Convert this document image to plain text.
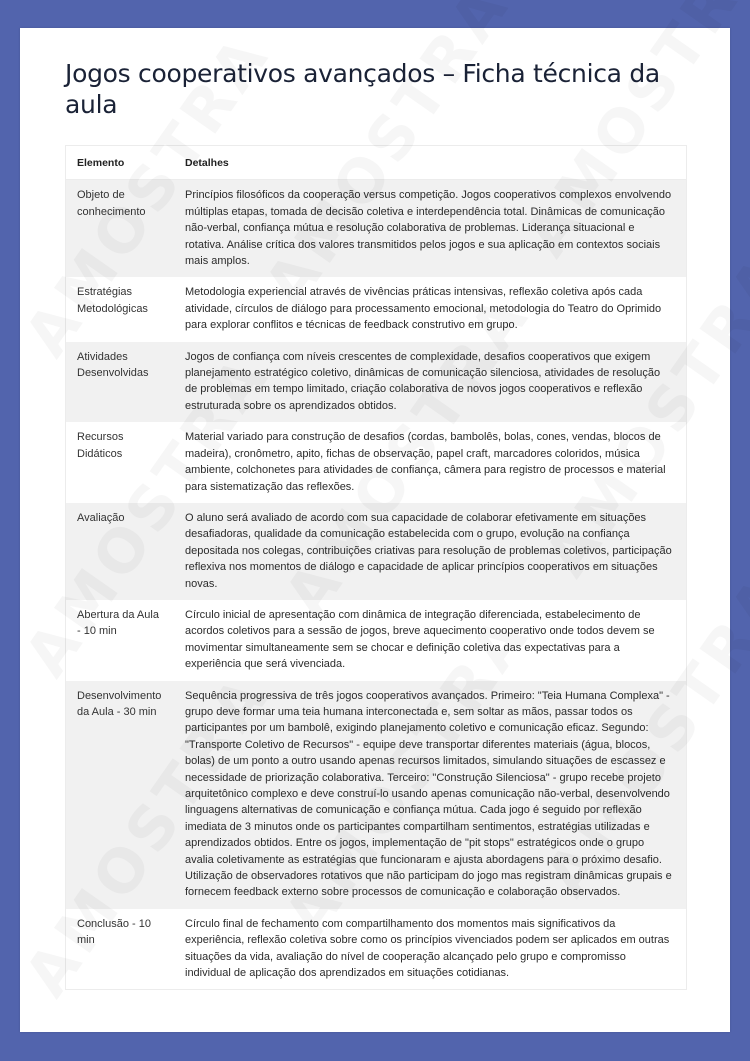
Jogos cooperativos avançados – Ficha técnica da aula
Elemento	Detalhes
Objeto de conhecimento	Princípios filosóficos da cooperação versus competição. Jogos cooperativos complexos envolvendo múltiplas etapas, tomada de decisão coletiva e interdependência total. Dinâmicas de comunicação não-verbal, confiança mútua e resolução colaborativa de problemas. Liderança situacional e rotativa. Análise crítica dos valores transmitidos pelos jogos e sua aplicação em contextos sociais mais amplos.
Estratégias Metodológicas	Metodologia experiencial através de vivências práticas intensivas, reflexão coletiva após cada atividade, círculos de diálogo para processamento emocional, metodologia do Teatro do Oprimido para explorar conflitos e técnicas de feedback construtivo em grupo.
Atividades Desenvolvidas	Jogos de confiança com níveis crescentes de complexidade, desafios cooperativos que exigem planejamento estratégico coletivo, dinâmicas de comunicação silenciosa, atividades de resolução de problemas em tempo limitado, criação colaborativa de novos jogos cooperativos e reflexão estruturada sobre os aprendizados obtidos.
Recursos Didáticos	Material variado para construção de desafios (cordas, bambolês, bolas, cones, vendas, blocos de madeira), cronômetro, apito, fichas de observação, papel craft, marcadores coloridos, música ambiente, colchonetes para atividades de confiança, câmera para registro de processos e material para sistematização das reflexões.
Avaliação	O aluno será avaliado de acordo com sua capacidade de colaborar efetivamente em situações desafiadoras, qualidade da comunicação estabelecida com o grupo, evolução na confiança depositada nos colegas, contribuições criativas para resolução de problemas coletivos, participação reflexiva nos momentos de diálogo e capacidade de aplicar princípios cooperativos em situações novas.
Abertura da Aula - 10 min	Círculo inicial de apresentação com dinâmica de integração diferenciada, estabelecimento de acordos coletivos para a sessão de jogos, breve aquecimento cooperativo onde todos devem se movimentar simultaneamente sem se chocar e definição coletiva das expectativas para a experiência que será vivenciada.
Desenvolvimento da Aula - 30 min	Sequência progressiva de três jogos cooperativos avançados. Primeiro: "Teia Humana Complexa" - grupo deve formar uma teia humana interconectada e, sem soltar as mãos, passar todos os participantes por um bambolê, exigindo planejamento coletivo e comunicação eficaz. Segundo: "Transporte Coletivo de Recursos" - equipe deve transportar diferentes materiais (água, blocos, bolas) de um ponto a outro usando apenas recursos limitados, simulando situações de escassez e necessidade de priorização colaborativa. Terceiro: "Construção Silenciosa" - grupo recebe projeto arquitetônico complexo e deve construí-lo usando apenas comunicação não-verbal, desenvolvendo linguagens alternativas de comunicação e confiança mútua. Cada jogo é seguido por reflexão imediata de 3 minutos onde os participantes compartilham sentimentos, estratégias utilizadas e aprendizados obtidos. Entre os jogos, implementação de "pit stops" estratégicos onde o grupo avalia coletivamente as estratégias que funcionaram e ajusta abordagens para o próximo desafio. Utilização de observadores rotativos que não participam do jogo mas registram dinâmicas grupais e fornecem feedback externo sobre processos de comunicação e colaboração observados.
Conclusão - 10 min	Círculo final de fechamento com compartilhamento dos momentos mais significativos da experiência, reflexão coletiva sobre como os princípios vivenciados podem ser aplicados em outras situações da vida, avaliação do nível de cooperação alcançado pelo grupo e compromisso individual de aplicação dos aprendizados em situações cotidianas.
